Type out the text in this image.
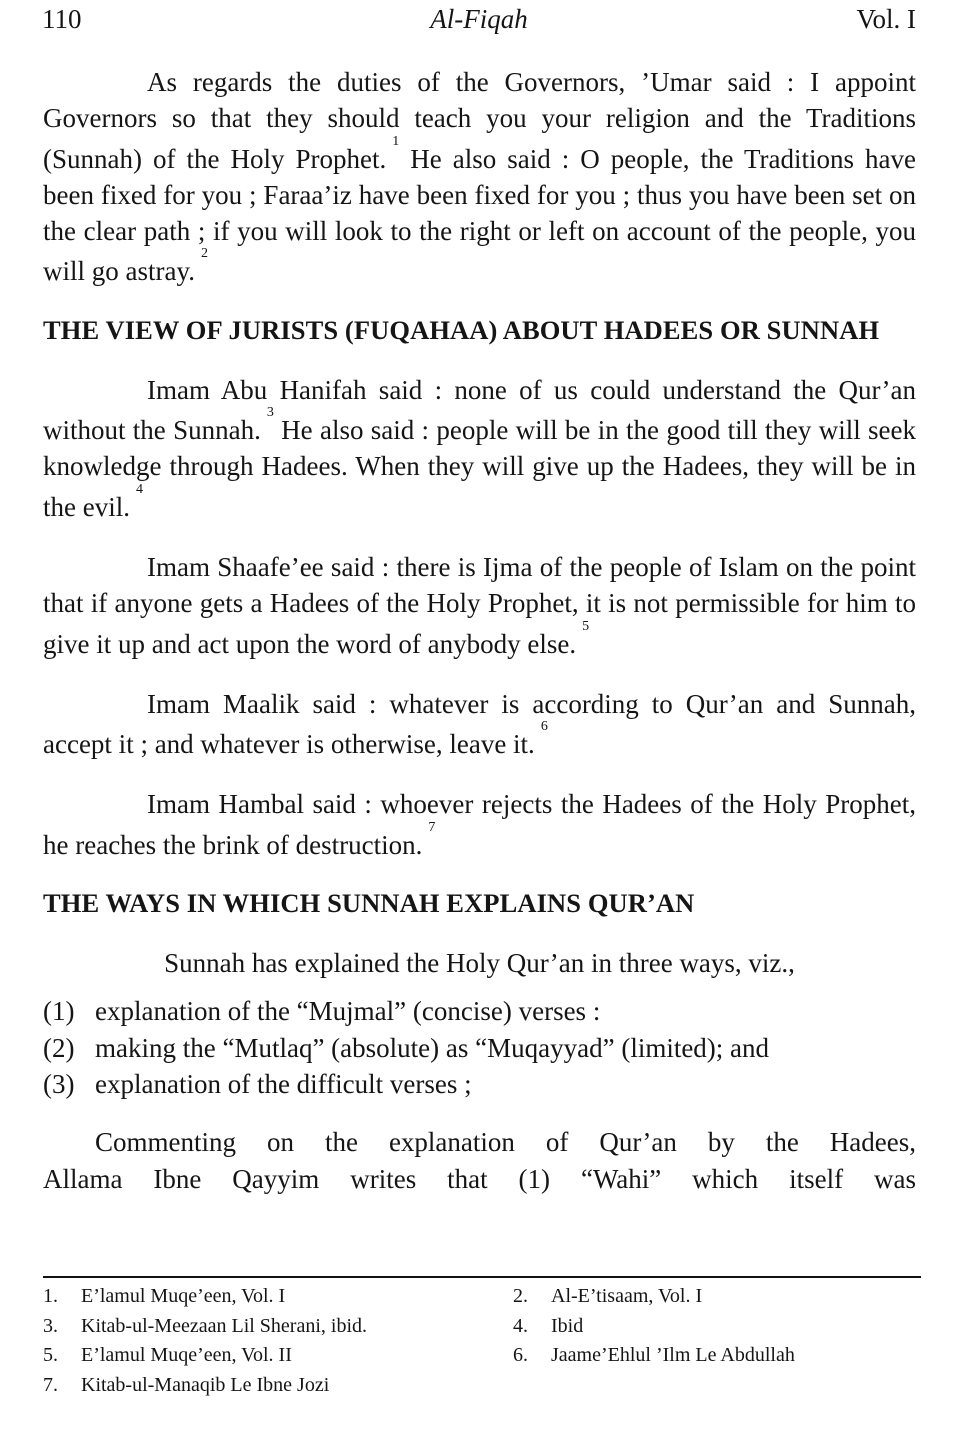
110	Al-Fiqah	Vol. I

As regards the duties of the Governors, ’Umar said : I appoint Governors so that they should teach you your religion and the Traditions (Sunnah) of the Holy Prophet.$^1$ He also said : O people, the Traditions have been fixed for you ; Faraa’iz have been fixed for you ; thus you have been set on the clear path ; if you will look to the right or left on account of the people, you will go astray.$^2$

THE VIEW OF JURISTS (FUQAHAA) ABOUT HADEES OR SUNNAH

Imam Abu Hanifah said : none of us could understand the Qur’an without the Sunnah.$^3$ He also said : people will be in the good till they will seek knowledge through Hadees. When they will give up the Hadees, they will be in the evil.$^4$

Imam Shaafe’ee said : there is Ijma of the people of Islam on the point that if anyone gets a Hadees of the Holy Prophet, it is not permissible for him to give it up and act upon the word of anybody else.$^5$

Imam Maalik said : whatever is according to Qur’an and Sunnah, accept it ; and whatever is otherwise, leave it.$^6$

Imam Hambal said : whoever rejects the Hadees of the Holy Prophet, he reaches the brink of destruction.$^7$

THE WAYS IN WHICH SUNNAH EXPLAINS QUR’AN

Sunnah has explained the Holy Qur’an in three ways, viz.,

(1) explanation of the “Mujmal” (concise) verses :
(2) making the “Mutlaq” (absolute) as “Muqayyad” (limited); and
(3) explanation of the difficult verses ;

Commenting on the explanation of Qur’an by the Hadees,

Allama Ibne Qayyim writes that (1) “Wahi” which itself was

1.	E’lamul Muqe’een, Vol. I	2.	Al-E’tisaam, Vol. I
3.	Kitab-ul-Meezaan Lil Sherani, ibid.	4.	Ibid
5.	E’lamul Muqe’een, Vol. II	6.	Jaame’Ehlul ’Ilm Le Abdullah
7.	Kitab-ul-Manaqib Le Ibne Jozi
